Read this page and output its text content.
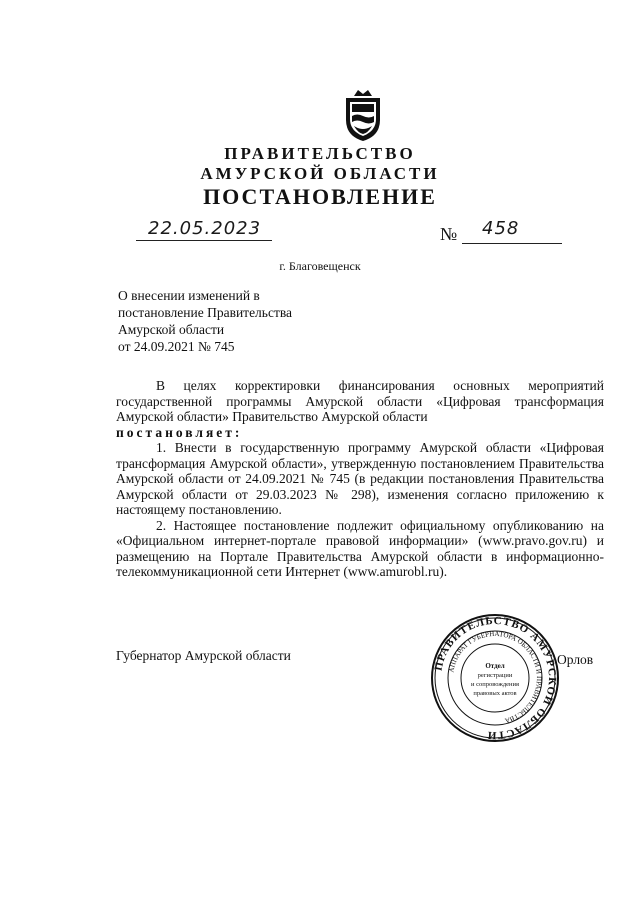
ПРАВИТЕЛЬСТВО
АМУРСКОЙ ОБЛАСТИ
ПОСТАНОВЛЕНИЕ
22.05.2023	№ 458
г. Благовещенск
О внесении изменений в
постановление Правительства
Амурской области
от 24.09.2021 № 745

В целях корректировки финансирования основных мероприятий государственной программы Амурской области «Цифровая трансформация Амурской области» Правительство Амурской области

постановляет:

1. Внести в государственную программу Амурской области «Цифровая трансформация Амурской области», утвержденную постановлением Правительства Амурской области от 24.09.2021 № 745 (в редакции постановления Правительства Амурской области от 29.03.2023 № 298), изменения согласно приложению к настоящему постановлению.

2. Настоящее постановление подлежит официальному опубликованию на «Официальном интернет-портале правовой информации» (www.pravo.gov.ru) и размещению на Портале Правительства Амурской области в информационно-телекоммуникационной сети Интернет (www.amurobl.ru).

Губернатор Амурской области	Орлов
ПРАВИТЕЛЬСТВО АМУРСКОЙ ОБЛАСТИ
АППАРАТ ГУБЕРНАТОРА ОБЛАСТИ И ПРАВИТЕЛЬСТВА
Отдел
регистрации
и сопровождения
правовых актов
